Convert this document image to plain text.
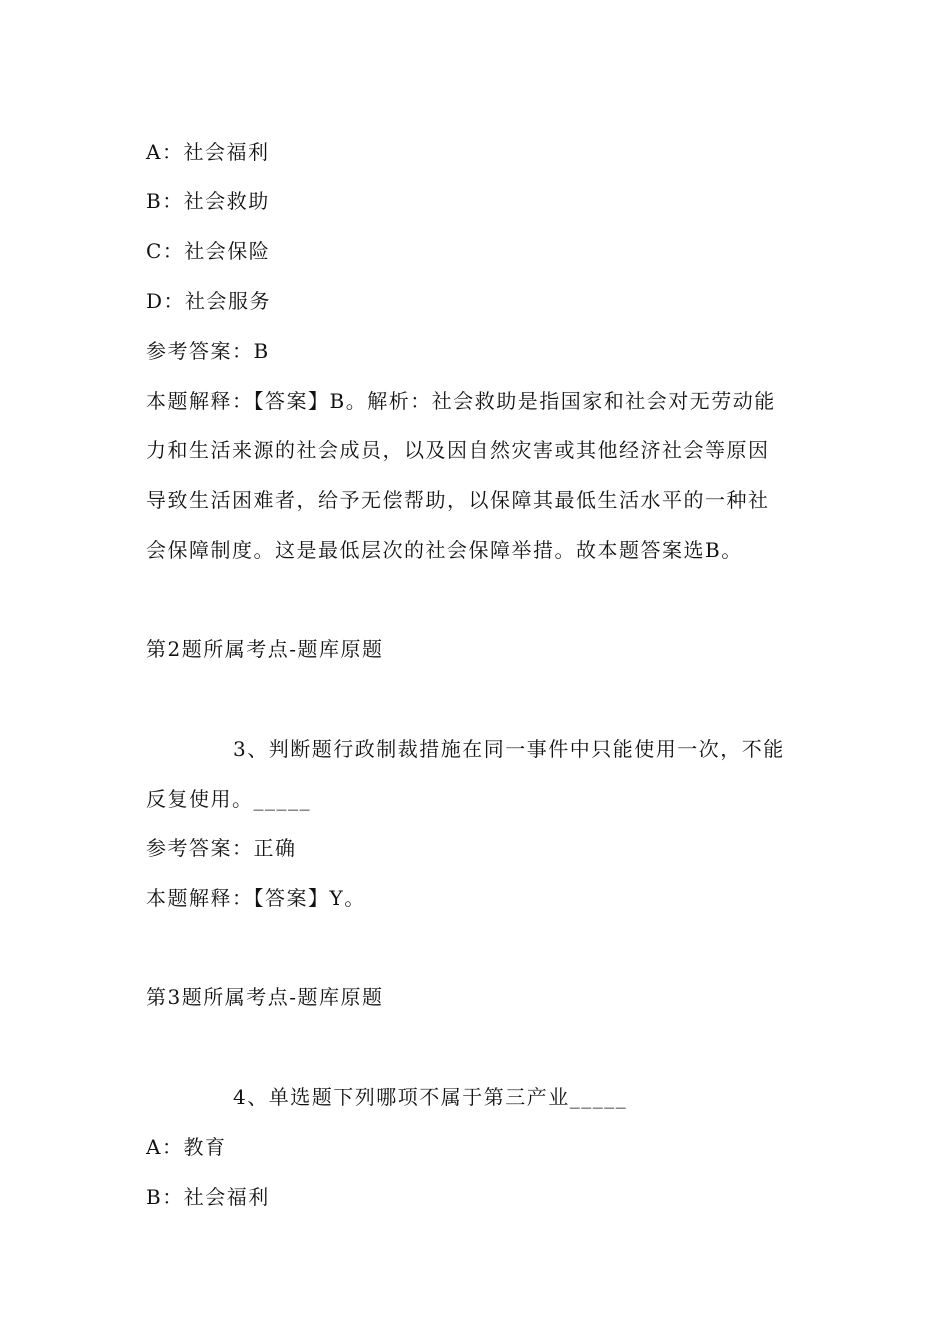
A：社会福利
B：社会救助
C：社会保险
D：社会服务
参考答案：B
本题解释：【答案】B。解析：社会救助是指国家和社会对无劳动能
力和生活来源的社会成员，以及因自然灾害或其他经济社会等原因
导致生活困难者，给予无偿帮助，以保障其最低生活水平的一种社
会保障制度。这是最低层次的社会保障举措。故本题答案选B。
第2题所属考点-题库原题
3、判断题行政制裁措施在同一事件中只能使用一次，不能
反复使用。_____
参考答案：正确
本题解释：【答案】Y。
第3题所属考点-题库原题
4、单选题下列哪项不属于第三产业_____
A：教育
B：社会福利
